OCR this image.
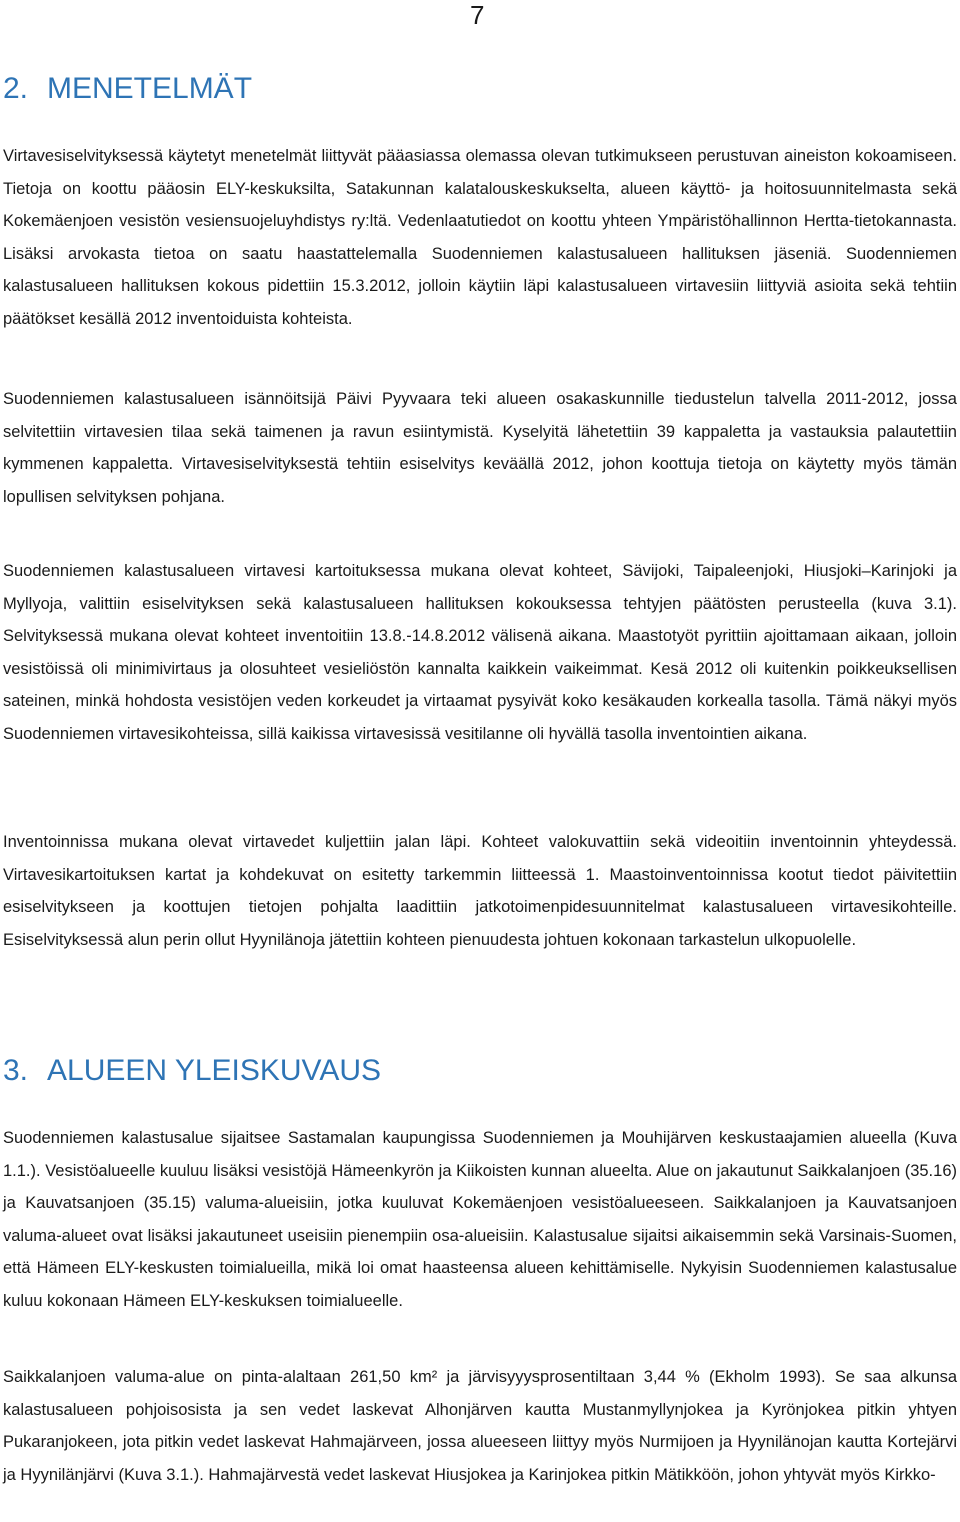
7
2. MENETELMÄT

Virtavesiselvityksessä käytetyt menetelmät liittyvät pääasiassa olemassa olevan tutkimukseen perustuvan aineiston kokoamiseen. Tietoja on koottu pääosin ELY-keskuksilta, Satakunnan kalatalouskeskukselta, alueen käyttö- ja hoitosuunnitelmasta sekä Kokemäenjoen vesistön vesiensuojeluyhdistys ry:ltä. Vedenlaatutiedot on koottu yhteen Ympäristöhallinnon Hertta-tietokannasta. Lisäksi arvokasta tietoa on saatu haastattelemalla Suodenniemen kalastusalueen hallituksen jäseniä. Suodenniemen kalastusalueen hallituksen kokous pidettiin 15.3.2012, jolloin käytiin läpi kalastusalueen virtavesiin liittyviä asioita sekä tehtiin päätökset kesällä 2012 inventoiduista kohteista.

Suodenniemen kalastusalueen isännöitsijä Päivi Pyyvaara teki alueen osakaskunnille tiedustelun talvella 2011-2012, jossa selvitettiin virtavesien tilaa sekä taimenen ja ravun esiintymistä. Kyselyitä lähetettiin 39 kappaletta ja vastauksia palautettiin kymmenen kappaletta. Virtavesiselvityksestä tehtiin esiselvitys keväällä 2012, johon koottuja tietoja on käytetty myös tämän lopullisen selvityksen pohjana.

Suodenniemen kalastusalueen virtavesi kartoituksessa mukana olevat kohteet, Sävijoki, Taipaleenjoki, Hiusjoki–Karinjoki ja Myllyoja, valittiin esiselvityksen sekä kalastusalueen hallituksen kokouksessa tehtyjen päätösten perusteella (kuva 3.1). Selvityksessä mukana olevat kohteet inventoitiin 13.8.-14.8.2012 välisenä aikana. Maastotyöt pyrittiin ajoittamaan aikaan, jolloin vesistöissä oli minimivirtaus ja olosuhteet vesieliöstön kannalta kaikkein vaikeimmat. Kesä 2012 oli kuitenkin poikkeuksellisen sateinen, minkä hohdosta vesistöjen veden korkeudet ja virtaamat pysyivät koko kesäkauden korkealla tasolla. Tämä näkyi myös Suodenniemen virtavesikohteissa, sillä kaikissa virtavesissä vesitilanne oli hyvällä tasolla inventointien aikana.

Inventoinnissa mukana olevat virtavedet kuljettiin jalan läpi. Kohteet valokuvattiin sekä videoitiin inventoinnin yhteydessä. Virtavesikartoituksen kartat ja kohdekuvat on esitetty tarkemmin liitteessä 1. Maastoinventoinnissa kootut tiedot päivitettiin esiselvitykseen ja koottujen tietojen pohjalta laadittiin jatkotoimenpidesuunnitelmat kalastusalueen virtavesikohteille. Esiselvityksessä alun perin ollut Hyynilänoja jätettiin kohteen pienuudesta johtuen kokonaan tarkastelun ulkopuolelle.

3. ALUEEN YLEISKUVAUS

Suodenniemen kalastusalue sijaitsee Sastamalan kaupungissa Suodenniemen ja Mouhijärven keskustaajamien alueella (Kuva 1.1.). Vesistöalueelle kuuluu lisäksi vesistöjä Hämeenkyrön ja Kiikoisten kunnan alueelta. Alue on jakautunut Saikkalanjoen (35.16) ja Kauvatsanjoen (35.15) valuma-alueisiin, jotka kuuluvat Kokemäenjoen vesistöalueeseen. Saikkalanjoen ja Kauvatsanjoen valuma-alueet ovat lisäksi jakautuneet useisiin pienempiin osa-alueisiin. Kalastusalue sijaitsi aikaisemmin sekä Varsinais-Suomen, että Hämeen ELY-keskusten toimialueilla, mikä loi omat haasteensa alueen kehittämiselle. Nykyisin Suodenniemen kalastusalue kuluu kokonaan Hämeen ELY-keskuksen toimialueelle.

Saikkalanjoen valuma-alue on pinta-alaltaan 261,50 km² ja järvisyyysprosentiltaan 3,44 % (Ekholm 1993). Se saa alkunsa kalastusalueen pohjoisosista ja sen vedet laskevat Alhonjärven kautta Mustanmyllynjokea ja Kyrönjokea pitkin yhtyen Pukaranjokeen, jota pitkin vedet laskevat Hahmajärveen, jossa alueeseen liittyy myös Nurmijoen ja Hyynilänojan kautta Kortejärvi ja Hyynilänjärvi (Kuva 3.1.). Hahmajärvestä vedet laskevat Hiusjokea ja Karinjokea pitkin Mätikköön, johon yhtyvät myös Kirkko-
